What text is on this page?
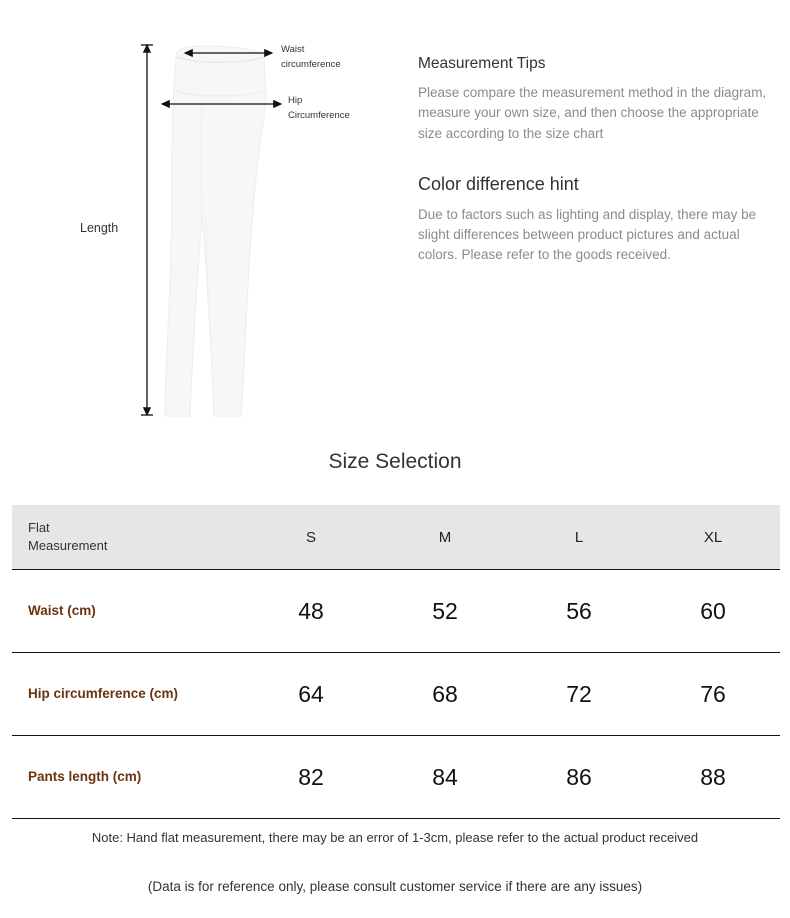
Waist
circumference
Hip
Circumference
Length
Measurement Tips

Please compare the measurement method in the diagram, measure your own size, and then choose the appropriate size according to the size chart

Color difference hint

Due to factors such as lighting and display, there may be slight differences between product pictures and actual colors. Please refer to the goods received.

Size Selection
Flat
Measurement	S	M	L	XL
Waist (cm)	48	52	56	60
Hip circumference (cm)	64	68	72	76
Pants length (cm)	82	84	86	88
Note: Hand flat measurement, there may be an error of 1-3cm, please refer to the actual product received
(Data is for reference only, please consult customer service if there are any issues)
